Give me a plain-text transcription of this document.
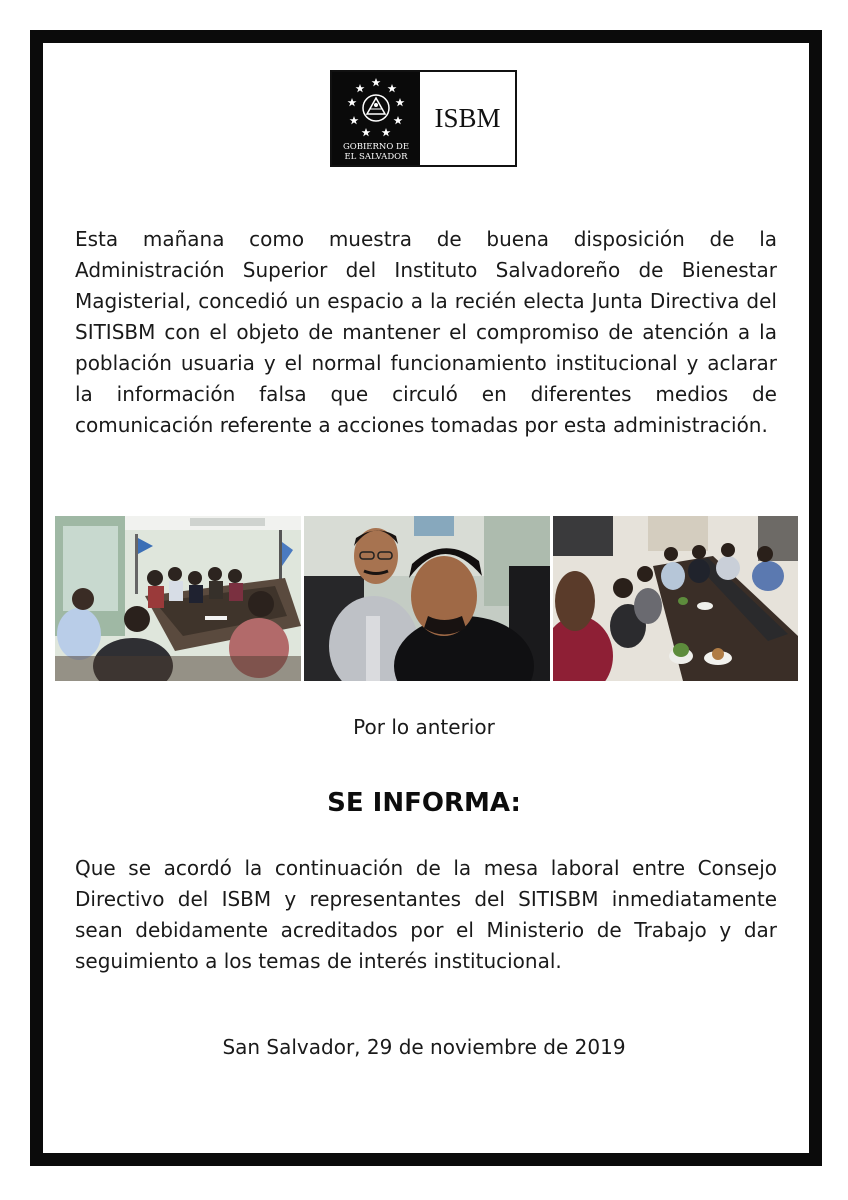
GOBIERNO DE
EL SALVADOR
ISBM

Esta mañana como muestra de buena disposición de la Administración Superior del Instituto Salvadoreño de Bienestar Magisterial, concedió un espacio a la recién electa Junta Directiva del SITISBM con el objeto de mantener el compromiso de atención a la población usuaria y el normal funcionamiento institucional y aclarar la información falsa que circuló en diferentes medios de comunicación referente a acciones tomadas por esta administración.

Por lo anterior

SE INFORMA:

Que se acordó la continuación de la mesa laboral entre Consejo Directivo del ISBM y representantes del SITISBM inmediatamente sean debidamente acreditados por el Ministerio de Trabajo y dar seguimiento a los temas de interés institucional.

San Salvador, 29 de noviembre de 2019
